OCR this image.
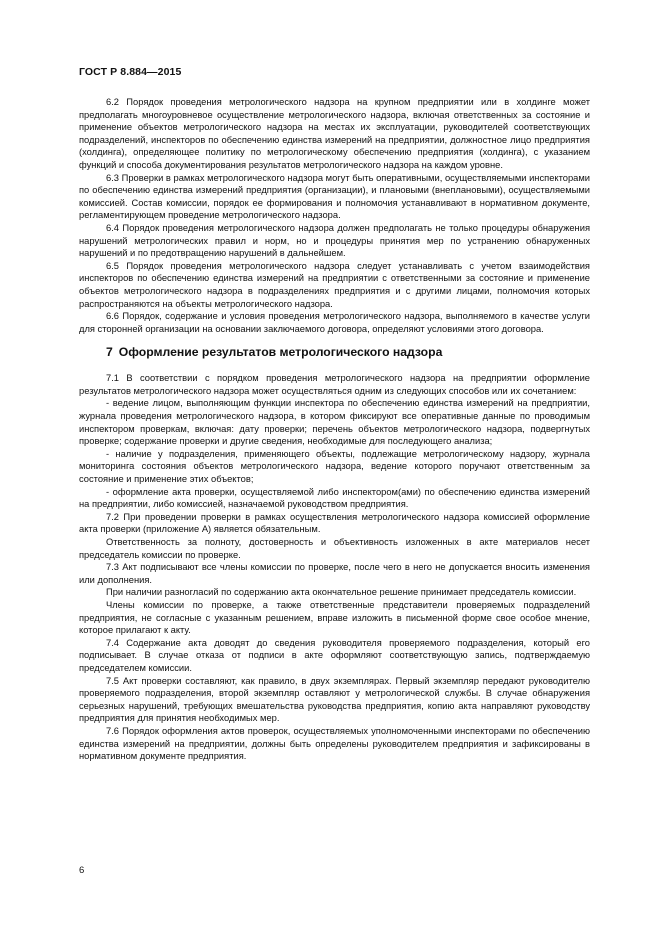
ГОСТ Р 8.884—2015

6.2 Порядок проведения метрологического надзора на крупном предприятии или в холдинге может предполагать многоуровневое осуществление метрологического надзора, включая ответственных за состояние и применение объектов метрологического надзора на местах их эксплуатации, руководителей соответствующих подразделений, инспекторов по обеспечению единства измерений на предприятии, должностное лицо предприятия (холдинга), определяющее политику по метрологическому обеспечению предприятия (холдинга), с указанием функций и способа документирования результатов метрологического надзора на каждом уровне.

6.3 Проверки в рамках метрологического надзора могут быть оперативными, осуществляемыми инспекторами по обеспечению единства измерений предприятия (организации), и плановыми (внеплановыми), осуществляемыми комиссией. Состав комиссии, порядок ее формирования и полномочия устанавливают в нормативном документе, регламентирующем проведение метрологического надзора.

6.4 Порядок проведения метрологического надзора должен предполагать не только процедуры обнаружения нарушений метрологических правил и норм, но и процедуры принятия мер по устранению обнаруженных нарушений и по предотвращению нарушений в дальнейшем.

6.5 Порядок проведения метрологического надзора следует устанавливать с учетом взаимодействия инспекторов по обеспечению единства измерений на предприятии с ответственными за состояние и применение объектов метрологического надзора в подразделениях предприятия и с другими лицами, полномочия которых распространяются на объекты метрологического надзора.

6.6 Порядок, содержание и условия проведения метрологического надзора, выполняемого в качестве услуги для сторонней организации на основании заключаемого договора, определяют условиями этого договора.

7 Оформление результатов метрологического надзора

7.1 В соответствии с порядком проведения метрологического надзора на предприятии оформление результатов метрологического надзора может осуществляться одним из следующих способов или их сочетанием:

- ведение лицом, выполняющим функции инспектора по обеспечению единства измерений на предприятии, журнала проведения метрологического надзора, в котором фиксируют все оперативные данные по проводимым инспектором проверкам, включая: дату проверки; перечень объектов метрологического надзора, подвергнутых проверке; содержание проверки и другие сведения, необходимые для последующего анализа;

- наличие у подразделения, применяющего объекты, подлежащие метрологическому надзору, журнала мониторинга состояния объектов метрологического надзора, ведение которого поручают ответственным за состояние и применение этих объектов;

- оформление акта проверки, осуществляемой либо инспектором(ами) по обеспечению единства измерений на предприятии, либо комиссией, назначаемой руководством предприятия.

7.2 При проведении проверки в рамках осуществления метрологического надзора комиссией оформление акта проверки (приложение А) является обязательным.

Ответственность за полноту, достоверность и объективность изложенных в акте материалов несет председатель комиссии по проверке.

7.3 Акт подписывают все члены комиссии по проверке, после чего в него не допускается вносить изменения или дополнения.

При наличии разногласий по содержанию акта окончательное решение принимает председатель комиссии.

Члены комиссии по проверке, а также ответственные представители проверяемых подразделений предприятия, не согласные с указанным решением, вправе изложить в письменной форме свое особое мнение, которое прилагают к акту.

7.4 Содержание акта доводят до сведения руководителя проверяемого подразделения, который его подписывает. В случае отказа от подписи в акте оформляют соответствующую запись, подтверждаемую председателем комиссии.

7.5 Акт проверки составляют, как правило, в двух экземплярах. Первый экземпляр передают руководителю проверяемого подразделения, второй экземпляр оставляют у метрологической службы. В случае обнаружения серьезных нарушений, требующих вмешательства руководства предприятия, копию акта направляют руководству предприятия для принятия необходимых мер.

7.6 Порядок оформления актов проверок, осуществляемых уполномоченными инспекторами по обеспечению единства измерений на предприятии, должны быть определены руководителем предприятия и зафиксированы в нормативном документе предприятия.

6
